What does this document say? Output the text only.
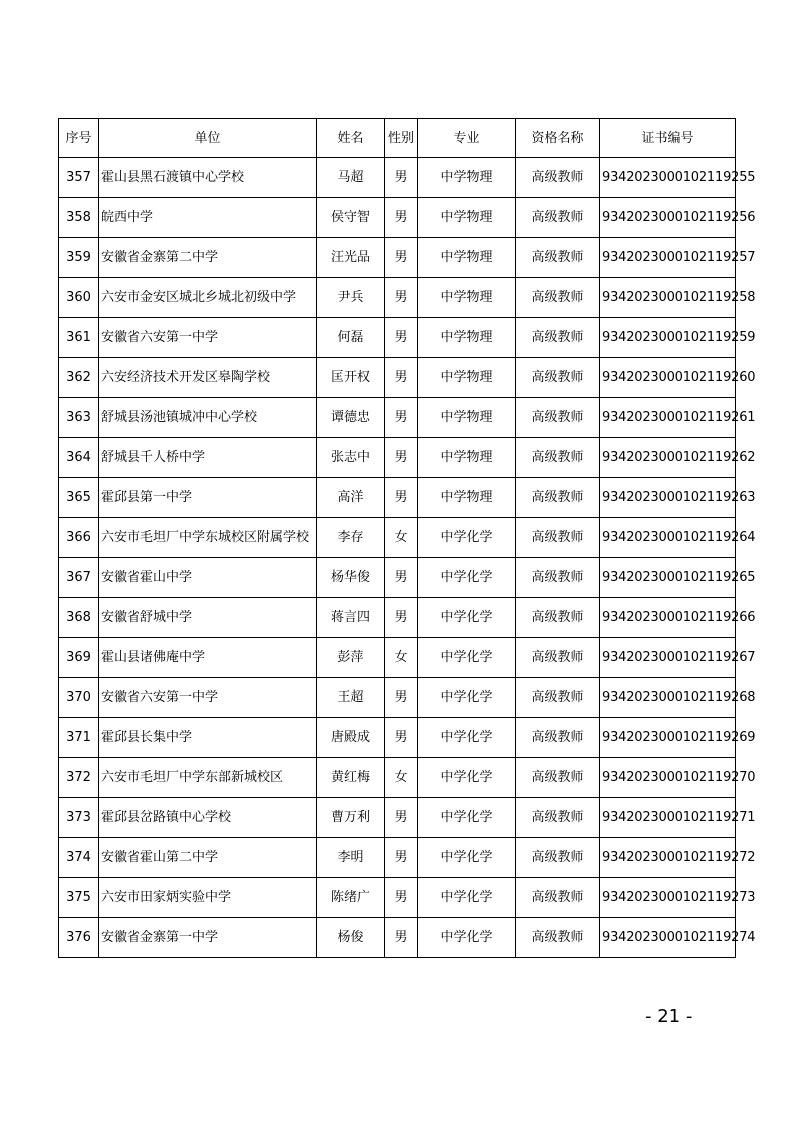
序号	单位	姓名	性别	专业	资格名称	证书编号
357	霍山县黑石渡镇中心学校	马超	男	中学物理	高级教师	9342023000102119255
358	皖西中学	侯守智	男	中学物理	高级教师	9342023000102119256
359	安徽省金寨第二中学	汪光品	男	中学物理	高级教师	9342023000102119257
360	六安市金安区城北乡城北初级中学	尹兵	男	中学物理	高级教师	9342023000102119258
361	安徽省六安第一中学	何磊	男	中学物理	高级教师	9342023000102119259
362	六安经济技术开发区皋陶学校	匡开权	男	中学物理	高级教师	9342023000102119260
363	舒城县汤池镇城冲中心学校	谭德忠	男	中学物理	高级教师	9342023000102119261
364	舒城县千人桥中学	张志中	男	中学物理	高级教师	9342023000102119262
365	霍邱县第一中学	高洋	男	中学物理	高级教师	9342023000102119263
366	六安市毛坦厂中学东城校区附属学校	李存	女	中学化学	高级教师	9342023000102119264
367	安徽省霍山中学	杨华俊	男	中学化学	高级教师	9342023000102119265
368	安徽省舒城中学	蒋言四	男	中学化学	高级教师	9342023000102119266
369	霍山县诸佛庵中学	彭萍	女	中学化学	高级教师	9342023000102119267
370	安徽省六安第一中学	王超	男	中学化学	高级教师	9342023000102119268
371	霍邱县长集中学	唐殿成	男	中学化学	高级教师	9342023000102119269
372	六安市毛坦厂中学东部新城校区	黄红梅	女	中学化学	高级教师	9342023000102119270
373	霍邱县岔路镇中心学校	曹万利	男	中学化学	高级教师	9342023000102119271
374	安徽省霍山第二中学	李明	男	中学化学	高级教师	9342023000102119272
375	六安市田家炳实验中学	陈绪广	男	中学化学	高级教师	9342023000102119273
376	安徽省金寨第一中学	杨俊	男	中学化学	高级教师	9342023000102119274
- 21 -
